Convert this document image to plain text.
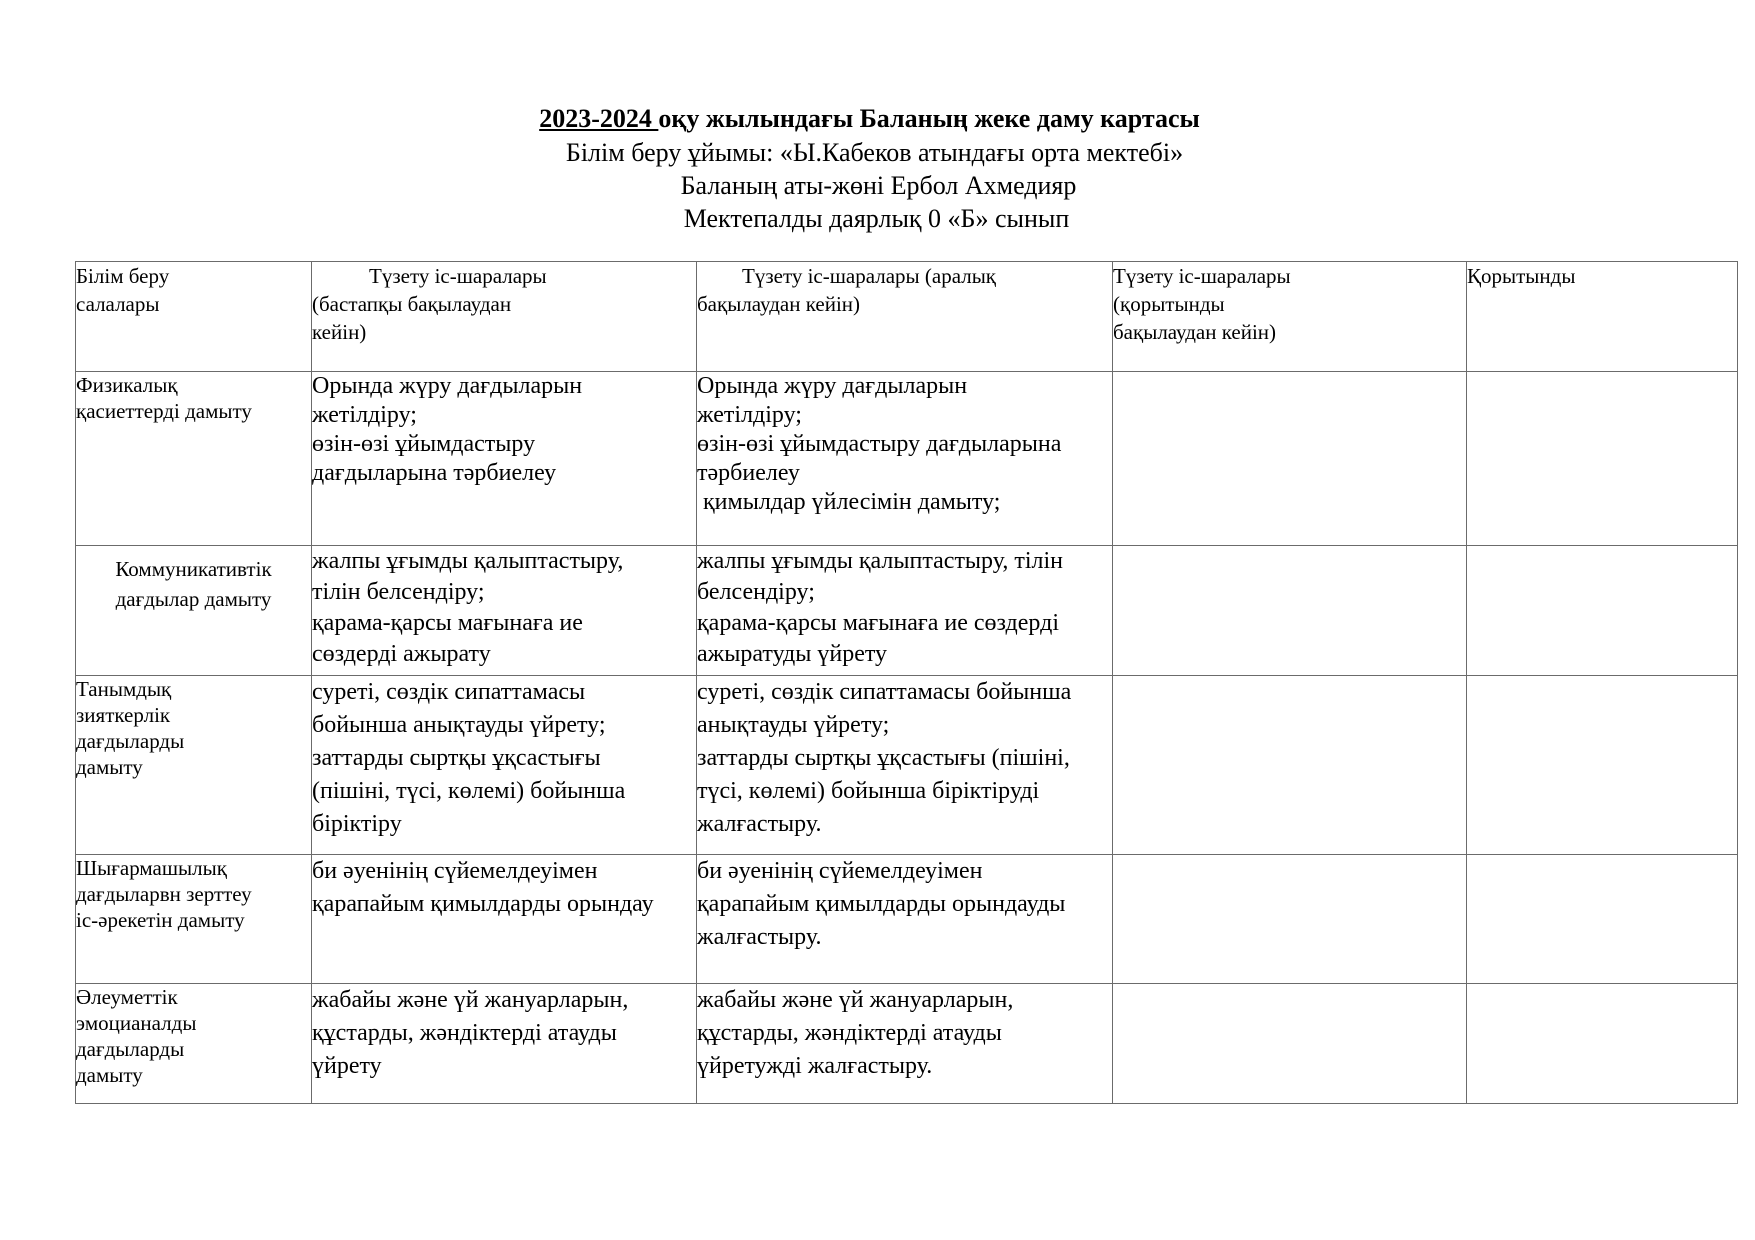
2023-2024 оқу жылындағы Баланың жеке даму картасы
Білім беру ұйымы: «Ы.Кабеков атындағы орта мектебі»
Баланың аты-жөні Ербол Ахмедияр
Мектепалды даярлық 0 «Б» сынып
Білім беру
салалары	Түзету іс-шаралары
(бастапқы бақылаудан
кейін)	Түзету іс-шаралары (аралық
бақылаудан кейін)	Түзету іс-шаралары
(қорытынды
бақылаудан кейін)	Қорытынды

Физикалық
қасиеттерді дамыту	Орында жүру дағдыларын
жетілдіру;
өзін-өзі ұйымдастыру
дағдыларына тәрбиелеу	Орында жүру дағдыларын
жетілдіру;
өзін-өзі ұйымдастыру дағдыларына
тәрбиелеу
қимылдар үйлесімін дамыту;		

Коммуникативтік
дағдылар дамыту	жалпы ұғымды қалыптастыру,
тілін белсендіру;
қарама-қарсы мағынаға ие
сөздерді ажырату	жалпы ұғымды қалыптастыру, тілін
белсендіру;
қарама-қарсы мағынаға ие сөздерді
ажыратуды үйрету		

Танымдық
зияткерлік
дағдыларды
дамыту	суреті, сөздік сипаттамасы
бойынша анықтауды үйрету;
заттарды сыртқы ұқсастығы
(пішіні, түсі, көлемі) бойынша
біріктіру	суреті, сөздік сипаттамасы бойынша
анықтауды үйрету;
заттарды сыртқы ұқсастығы (пішіні,
түсі, көлемі) бойынша біріктіруді
жалғастыру.		

Шығармашылық
дағдыларвн зерттеу
іс-әрекетін дамыту	би әуенінің сүйемелдеуімен
қарапайым қимылдарды орындау	би әуенінің сүйемелдеуімен
қарапайым қимылдарды орындауды
жалғастыру.		

Әлеуметтік
эмоцианалды
дағдыларды
дамыту	жабайы және үй жануарларын,
құстарды, жәндіктерді атауды
үйрету	жабайы және үй жануарларын,
құстарды, жәндіктерді атауды
үйретужді жалғастыру.		
